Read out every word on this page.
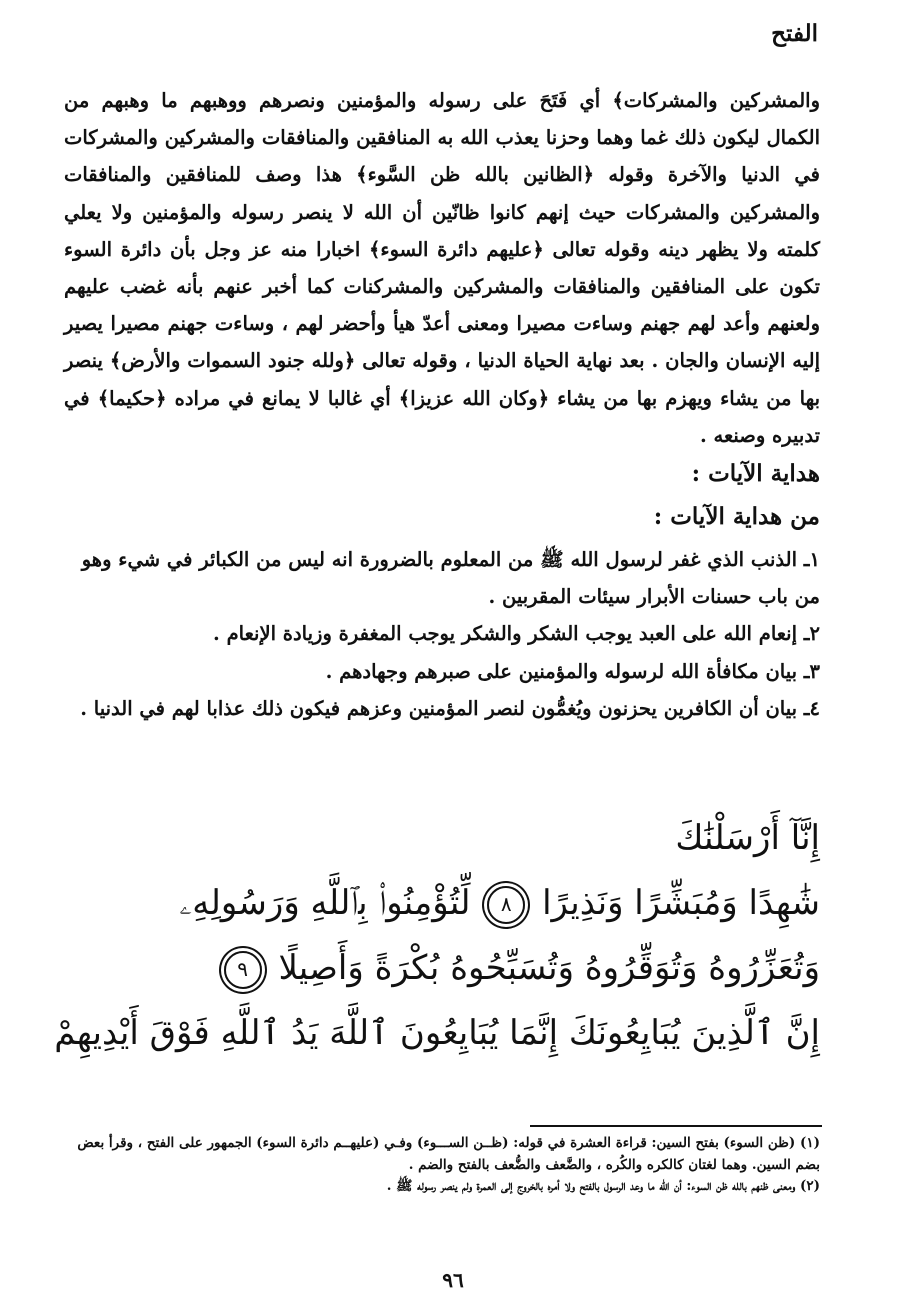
الفتح

والمشركين والمشركات﴾ أي فَتَحَ على رسوله والمؤمنين ونصرهم ووهبهم ما وهبهم من الكمال ليكون ذلك غما وهما وحزنا يعذب الله به المنافقين والمنافقات والمشركين والمشركات في الدنيا والآخرة وقوله ﴿الظانين بالله ظن السَّوء﴾ هذا وصف للمنافقين والمنافقات والمشركين والمشركات حيث إنهم كانوا ظانّين أن الله لا ينصر رسوله والمؤمنين ولا يعلي كلمته ولا يظهر دينه وقوله تعالى ﴿عليهم دائرة السوء﴾ اخبارا منه عز وجل بأن دائرة السوء تكون على المنافقين والمنافقات والمشركين والمشركنات كما أخبر عنهم بأنه غضب عليهم ولعنهم وأعد لهم جهنم وساءت مصيرا ومعنى أعدّ هيأ وأحضر لهم ، وساءت جهنم مصيرا يصير إليه الإنسان والجان . بعد نهاية الحياة الدنيا ، وقوله تعالى ﴿ولله جنود السموات والأرض﴾ ينصر بها من يشاء ويهزم بها من يشاء ﴿وكان الله عزيزا﴾ أي غالبا لا يمانع في مراده ﴿حكيما﴾ في تدبيره وصنعه .

هداية الآيات :
من هداية الآيات :

١ـ الذنب الذي غفر لرسول الله ﷺ من المعلوم بالضرورة انه ليس من الكبائر في شيء وهو من باب حسنات الأبرار سيئات المقربين .

٢ـ إنعام الله على العبد يوجب الشكر والشكر يوجب المغفرة وزيادة الإنعام .

٣ـ بيان مكافأة الله لرسوله والمؤمنين على صبرهم وجهادهم .

٤ـ بيان أن الكافرين يحزنون ويُغمُّون لنصر المؤمنين وعزهم فيكون ذلك عذابا لهم في الدنيا .

إِنَّآ أَرْسَلْنَٰكَ

شَٰهِدًا وَمُبَشِّرًا وَنَذِيرًا ٨ لِّتُؤْمِنُوا۟ بِٱللَّهِ وَرَسُولِهِۦ

وَتُعَزِّرُوهُ وَتُوَقِّرُوهُ وَتُسَبِّحُوهُ بُكْرَةً وَأَصِيلًا ٩

إِنَّ ٱلَّذِينَ يُبَايِعُونَكَ إِنَّمَا يُبَايِعُونَ ٱللَّهَ يَدُ ٱللَّهِ فَوْقَ أَيْدِيهِمْ

(١) (ظن السوء) بفتح السين: قراءة العشرة في قوله: (ظــن الســـوء) وفـي (عليهــم دائرة السوء) الجمهور على الفتح ، وقرأ بعض بضم السين. وهما لغتان كالكره والكُره ، والضَّعف والضُّعف بالفتح والضم .

(٢) ومعنى ظنهم بالله ظن السوء: أن الله ما وعد الرسول بالفتح ولا أمره بالخروج إلى العمرة ولم ينصر رسوله ﷺ .

٩٦
